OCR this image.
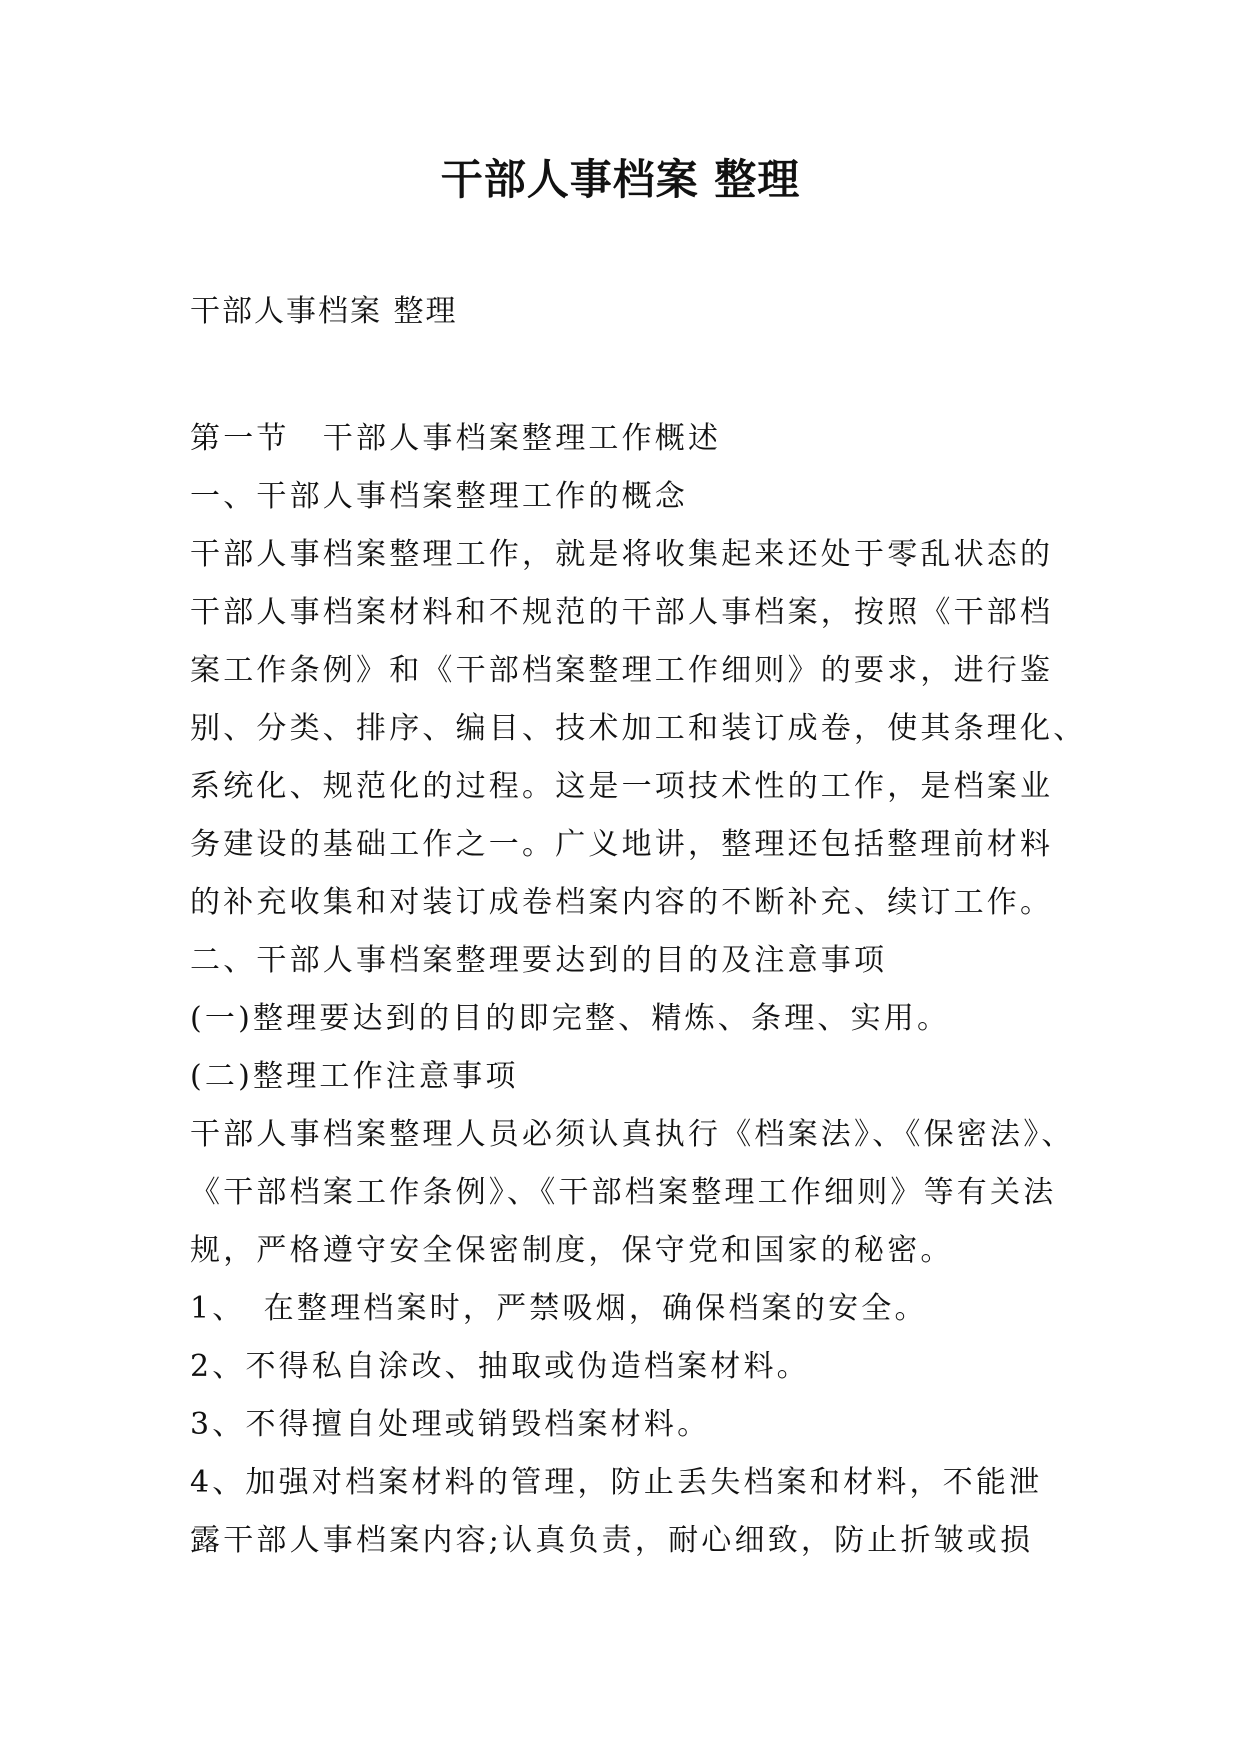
干部人事档案 整理
干部人事档案 整理
第一节　干部人事档案整理工作概述
一、干部人事档案整理工作的概念
干部人事档案整理工作，就是将收集起来还处于零乱状态的
干部人事档案材料和不规范的干部人事档案，按照《干部档
案工作条例》和《干部档案整理工作细则》的要求，进行鉴
别、分类、排序、编目、技术加工和装订成卷，使其条理化、
系统化、规范化的过程。这是一项技术性的工作，是档案业
务建设的基础工作之一。广义地讲，整理还包括整理前材料
的补充收集和对装订成卷档案内容的不断补充、续订工作。
二、干部人事档案整理要达到的目的及注意事项
(一)整理要达到的目的即完整、精炼、条理、实用。
(二)整理工作注意事项
干部人事档案整理人员必须认真执行《档案法》、《保密法》、
《干部档案工作条例》、《干部档案整理工作细则》等有关法
规，严格遵守安全保密制度，保守党和国家的秘密。
1、　在整理档案时，严禁吸烟，确保档案的安全。
2、不得私自涂改、抽取或伪造档案材料。
3、不得擅自处理或销毁档案材料。
4、加强对档案材料的管理，防止丢失档案和材料，不能泄
露干部人事档案内容;认真负责，耐心细致，防止折皱或损
